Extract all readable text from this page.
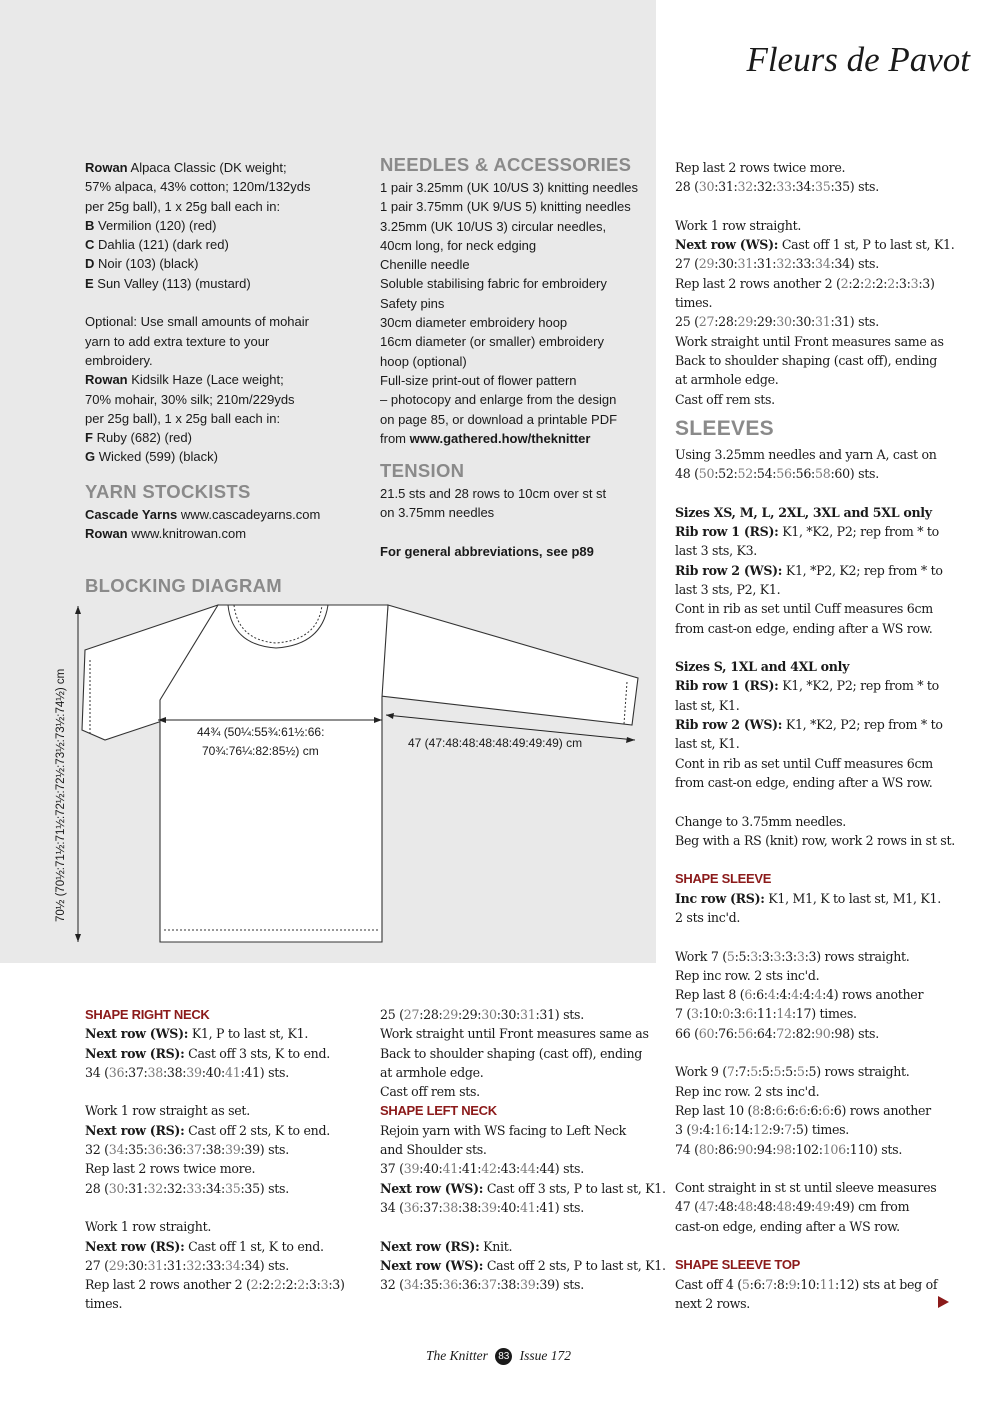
Fleurs de Pavot
Rowan Alpaca Classic (DK weight;
57% alpaca, 43% cotton; 120m/132yds
per 25g ball), 1 x 25g ball each in:
B Vermilion (120) (red)
C Dahlia (121) (dark red)
D Noir (103) (black)
E Sun Valley (113) (mustard)
Optional: Use small amounts of mohair
yarn to add extra texture to your
embroidery.
Rowan Kidsilk Haze (Lace weight;
70% mohair, 30% silk; 210m/229yds
per 25g ball), 1 x 25g ball each in:
F Ruby (682) (red)
G Wicked (599) (black)
YARN STOCKISTS
Cascade Yarns www.cascadeyarns.com
Rowan www.knitrowan.com
BLOCKING DIAGRAM
NEEDLES & ACCESSORIES
1 pair 3.25mm (UK 10/US 3) knitting needles
1 pair 3.75mm (UK 9/US 5) knitting needles
3.25mm (UK 10/US 3) circular needles,
40cm long, for neck edging
Chenille needle
Soluble stabilising fabric for embroidery
Safety pins
30cm diameter embroidery hoop
16cm diameter (or smaller) embroidery
hoop (optional)
Full-size print-out of flower pattern
– photocopy and enlarge from the design
on page 85, or download a printable PDF
from www.gathered.how/theknitter
TENSION
21.5 sts and 28 rows to 10cm over st st
on 3.75mm needles
For general abbreviations, see p89
Rep last 2 rows twice more.
28 (30:31:32:32:33:34:35:35) sts.
Work 1 row straight.
Next row (WS): Cast off 1 st, P to last st, K1.
27 (29:30:31:31:32:33:34:34) sts.
Rep last 2 rows another 2 (2:2:2:2:2:3:3:3)
times.
25 (27:28:29:29:30:30:31:31) sts.
Work straight until Front measures same as
Back to shoulder shaping (cast off), ending
at armhole edge.
Cast off rem sts.
SLEEVES
Using 3.25mm needles and yarn A, cast on
48 (50:52:52:54:56:56:58:60) sts.
Sizes XS, M, L, 2XL, 3XL and 5XL only
Rib row 1 (RS): K1, *K2, P2; rep from * to
last 3 sts, K3.
Rib row 2 (WS): K1, *P2, K2; rep from * to
last 3 sts, P2, K1.
Cont in rib as set until Cuff measures 6cm
from cast-on edge, ending after a WS row.
Sizes S, 1XL and 4XL only
Rib row 1 (RS): K1, *K2, P2; rep from * to
last st, K1.
Rib row 2 (WS): K1, *K2, P2; rep from * to
last st, K1.
Cont in rib as set until Cuff measures 6cm
from cast-on edge, ending after a WS row.
Change to 3.75mm needles.
Beg with a RS (knit) row, work 2 rows in st st.
SHAPE SLEEVE
Inc row (RS): K1, M1, K to last st, M1, K1.
2 sts inc'd.
Work 7 (5:5:3:3:3:3:3:3) rows straight.
Rep inc row. 2 sts inc'd.
Rep last 8 (6:6:4:4:4:4:4:4) rows another
7 (3:10:0:3:6:11:14:17) times.
66 (60:76:56:64:72:82:90:98) sts.
Work 9 (7:7:5:5:5:5:5:5) rows straight.
Rep inc row. 2 sts inc'd.
Rep last 10 (8:8:6:6:6:6:6:6) rows another
3 (9:4:16:14:12:9:7:5) times.
74 (80:86:90:94:98:102:106:110) sts.
Cont straight in st st until sleeve measures
47 (47:48:48:48:48:49:49:49) cm from
cast-on edge, ending after a WS row.
SHAPE SLEEVE TOP
Cast off 4 (5:6:7:8:9:10:11:12) sts at beg of
next 2 rows.
SHAPE RIGHT NECK
Next row (WS): K1, P to last st, K1.
Next row (RS): Cast off 3 sts, K to end.
34 (36:37:38:38:39:40:41:41) sts.
Work 1 row straight as set.
Next row (RS): Cast off 2 sts, K to end.
32 (34:35:36:36:37:38:39:39) sts.
Rep last 2 rows twice more.
28 (30:31:32:32:33:34:35:35) sts.
Work 1 row straight.
Next row (RS): Cast off 1 st, K to end.
27 (29:30:31:31:32:33:34:34) sts.
Rep last 2 rows another 2 (2:2:2:2:2:3:3:3)
times.
25 (27:28:29:29:30:30:31:31) sts.
Work straight until Front measures same as
Back to shoulder shaping (cast off), ending
at armhole edge.
Cast off rem sts.
SHAPE LEFT NECK
Rejoin yarn with WS facing to Left Neck
and Shoulder sts.
37 (39:40:41:41:42:43:44:44) sts.
Next row (WS): Cast off 3 sts, P to last st, K1.
34 (36:37:38:38:39:40:41:41) sts.
Next row (RS): Knit.
Next row (WS): Cast off 2 sts, P to last st, K1.
32 (34:35:36:36:37:38:39:39) sts.
44¾ (50¼:55¾:61½:66:
70¾:76¼:82:85½) cm
47 (47:48:48:48:48:49:49:49) cm
70½ (70½:71½:71½:72½:72½:73½:73½:74½) cm
The Knitter 83 Issue 172
